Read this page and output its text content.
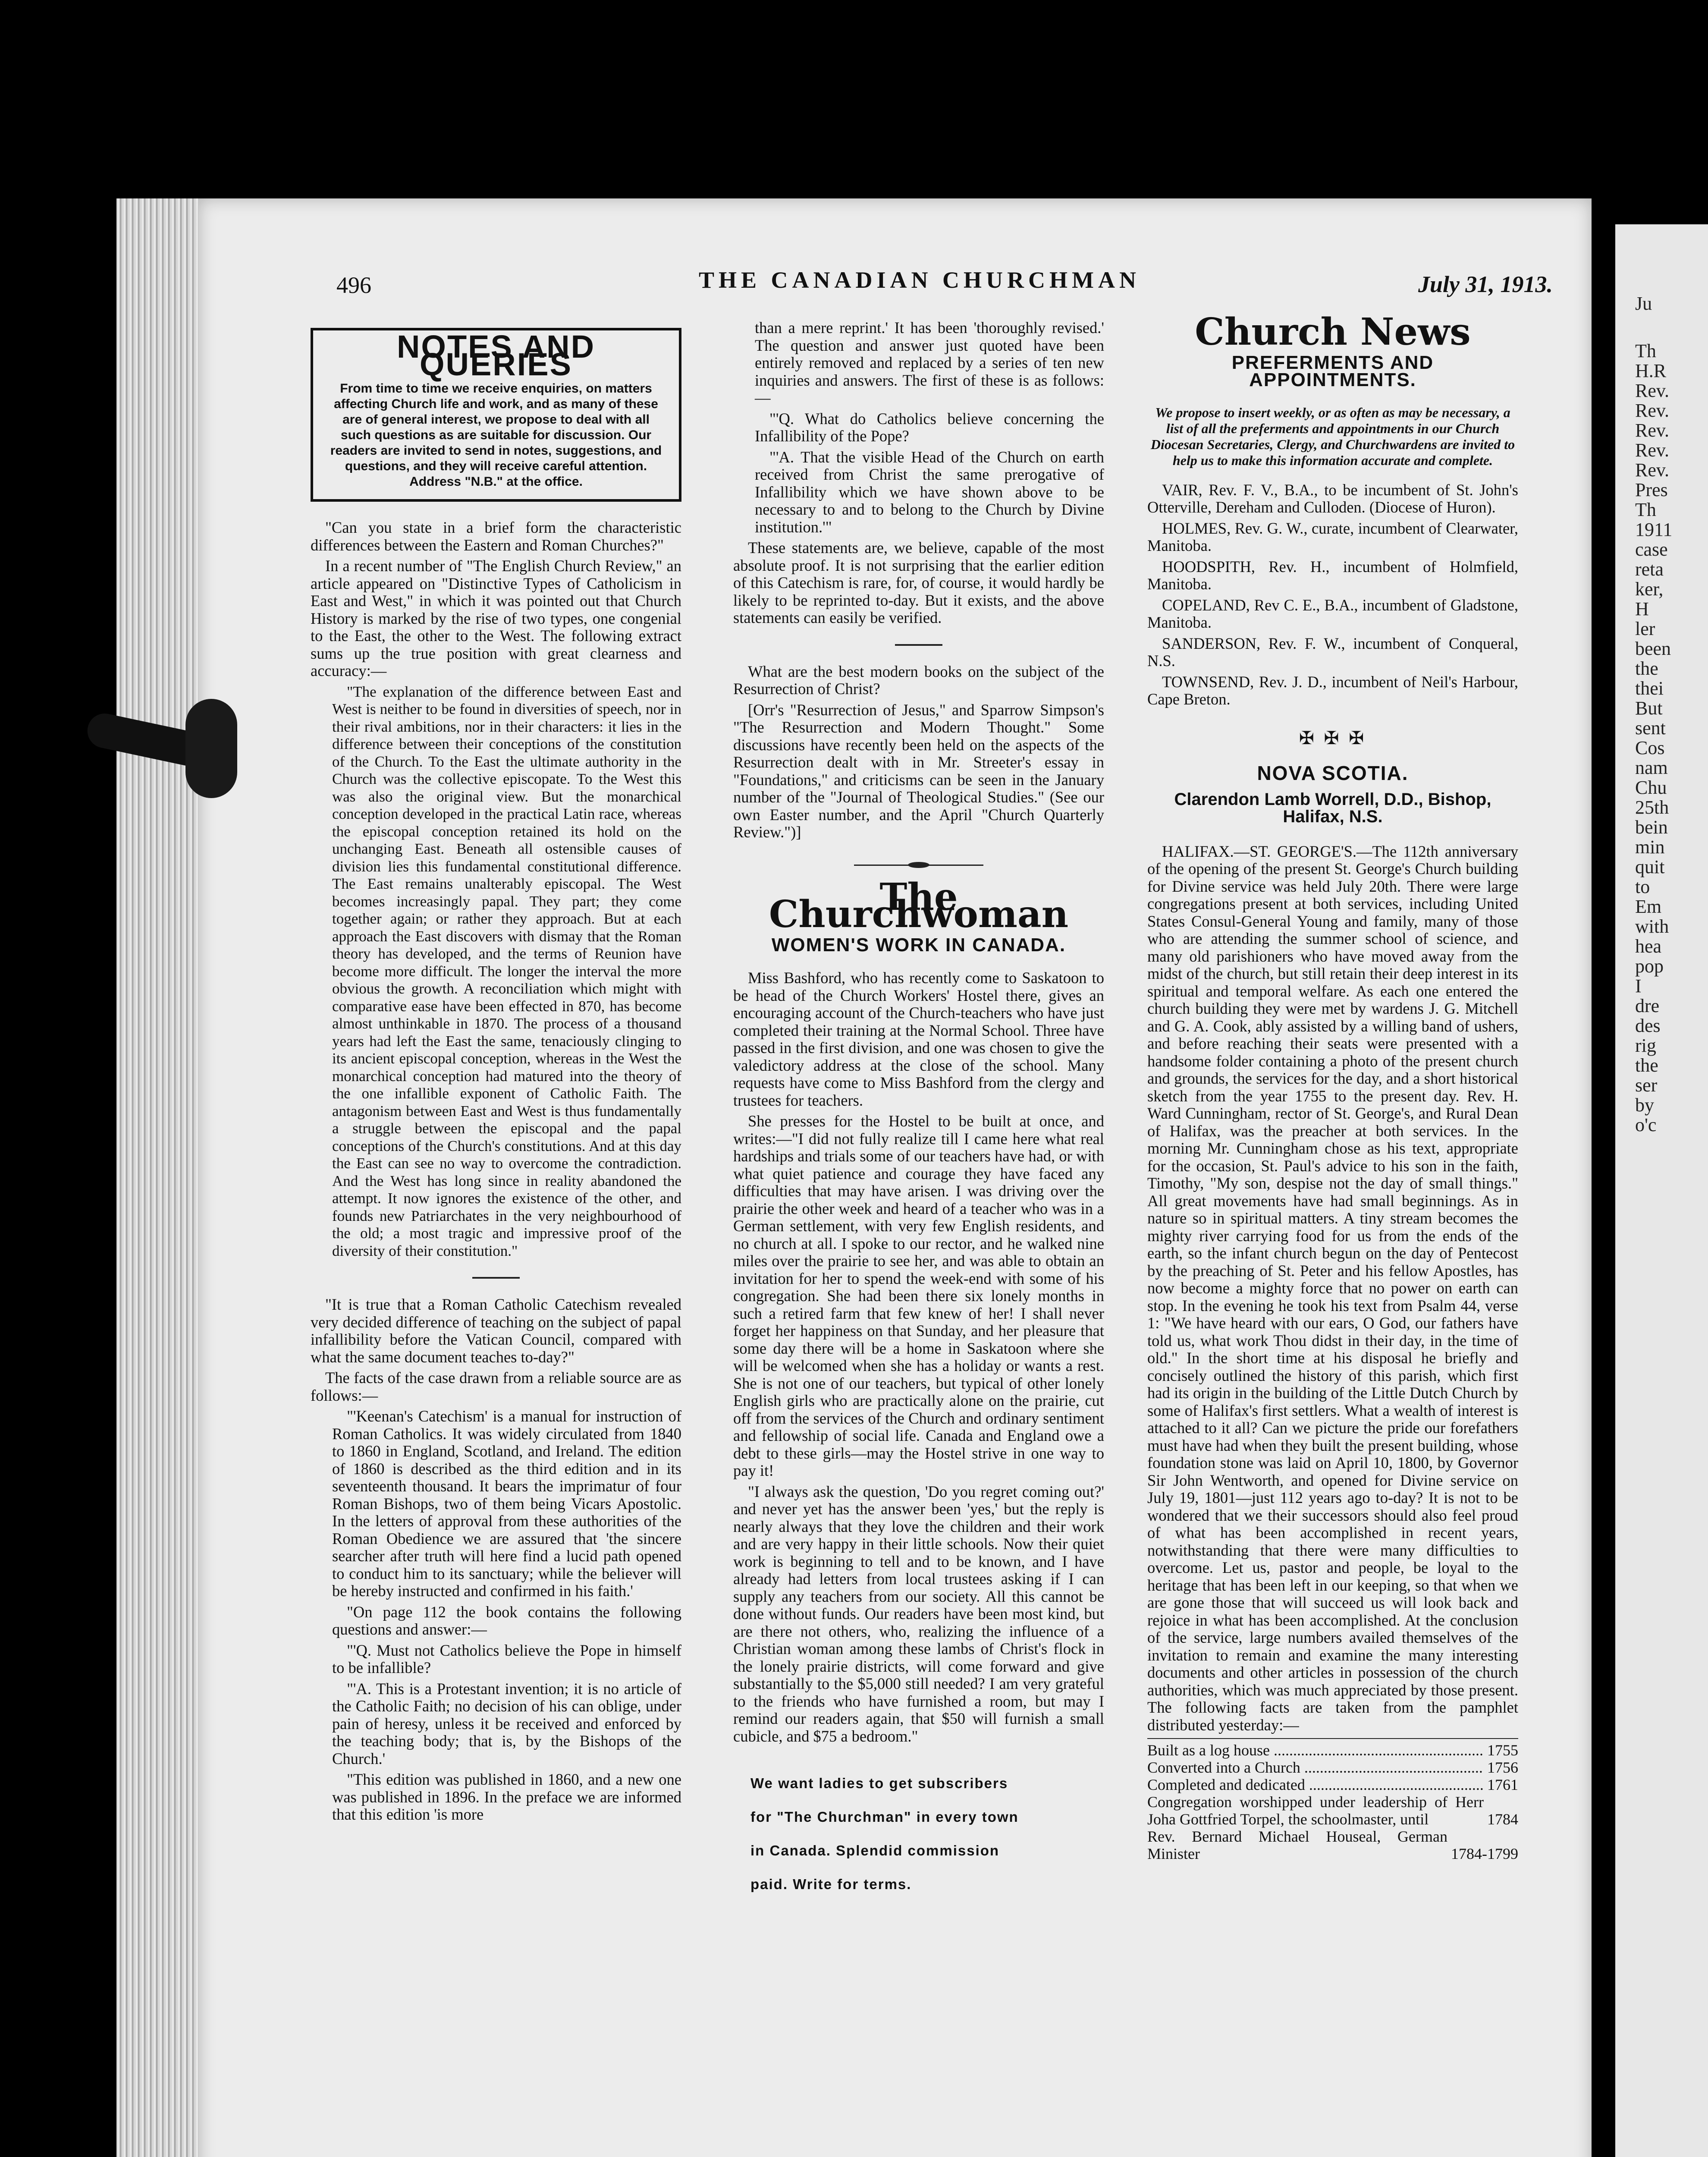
Ju
Th
H.R
Rev.
Rev.
Rev.
Rev.
Rev.
Pres
Th
1911
case
reta
ker,
H
ler
been
the
thei
But
sent
Cos
nam
Chu
25th
bein
min
quit
to
Em
with
hea
pop
I
dre
des
rig
the
ser
by
o'c
496	THE CANADIAN CHURCHMAN	July 31, 1913.
NOTES AND QUERIES
From time to time we receive enquiries, on matters affecting Church life and work, and as many of these are of general interest, we propose to deal with all such questions as are suitable for discussion. Our readers are invited to send in notes, suggestions, and questions, and they will receive careful attention. Address "N.B." at the office.

"Can you state in a brief form the characteristic differences between the Eastern and Roman Churches?"

In a recent number of "The English Church Review," an article appeared on "Distinctive Types of Catholicism in East and West," in which it was pointed out that Church History is marked by the rise of two types, one congenial to the East, the other to the West. The following extract sums up the true position with great clearness and accuracy:—

"The explanation of the difference between East and West is neither to be found in diversities of speech, nor in their rival ambitions, nor in their characters: it lies in the difference between their conceptions of the constitution of the Church. To the East the ultimate authority in the Church was the collective episcopate. To the West this was also the original view. But the monarchical conception developed in the practical Latin race, whereas the episcopal conception retained its hold on the unchanging East. Beneath all ostensible causes of division lies this fundamental constitutional difference. The East remains unalterably episcopal. The West becomes increasingly papal. They part; they come together again; or rather they approach. But at each approach the East discovers with dismay that the Roman theory has developed, and the terms of Reunion have become more difficult. The longer the interval the more obvious the growth. A reconciliation which might with comparative ease have been effected in 870, has become almost unthinkable in 1870. The process of a thousand years had left the East the same, tenaciously clinging to its ancient episcopal conception, whereas in the West the monarchical conception had matured into the theory of the one infallible exponent of Catholic Faith. The antagonism between East and West is thus fundamentally a struggle between the episcopal and the papal conceptions of the Church's constitutions. And at this day the East can see no way to overcome the contradiction. And the West has long since in reality abandoned the attempt. It now ignores the existence of the other, and founds new Patriarchates in the very neighbourhood of the old; a most tragic and impressive proof of the diversity of their constitution."

"It is true that a Roman Catholic Catechism revealed very decided difference of teaching on the subject of papal infallibility before the Vatican Council, compared with what the same document teaches to-day?"

The facts of the case drawn from a reliable source are as follows:—

"'Keenan's Catechism' is a manual for instruction of Roman Catholics. It was widely circulated from 1840 to 1860 in England, Scotland, and Ireland. The edition of 1860 is described as the third edition and in its seventeenth thousand. It bears the imprimatur of four Roman Bishops, two of them being Vicars Apostolic. In the letters of approval from these authorities of the Roman Obedience we are assured that 'the sincere searcher after truth will here find a lucid path opened to conduct him to its sanctuary; while the believer will be hereby instructed and confirmed in his faith.'

"On page 112 the book contains the following questions and answer:—

"'Q. Must not Catholics believe the Pope in himself to be infallible?

"'A. This is a Protestant invention; it is no article of the Catholic Faith; no decision of his can oblige, under pain of heresy, unless it be received and enforced by the teaching body; that is, by the Bishops of the Church.'

"This edition was published in 1860, and a new one was published in 1896. In the preface we are informed that this edition 'is more

than a mere reprint.' It has been 'thoroughly revised.' The question and answer just quoted have been entirely removed and replaced by a series of ten new inquiries and answers. The first of these is as follows:—

"'Q. What do Catholics believe concerning the Infallibility of the Pope?

"'A. That the visible Head of the Church on earth received from Christ the same prerogative of Infallibility which we have shown above to be necessary to and to belong to the Church by Divine institution.'"

These statements are, we believe, capable of the most absolute proof. It is not surprising that the earlier edition of this Catechism is rare, for, of course, it would hardly be likely to be reprinted to-day. But it exists, and the above statements can easily be verified.

What are the best modern books on the subject of the Resurrection of Christ?

[Orr's "Resurrection of Jesus," and Sparrow Simpson's "The Resurrection and Modern Thought." Some discussions have recently been held on the aspects of the Resurrection dealt with in Mr. Streeter's essay in "Foundations," and criticisms can be seen in the January number of the "Journal of Theological Studies." (See our own Easter number, and the April "Church Quarterly Review.")]

The Churchwoman
WOMEN'S WORK IN CANADA.

Miss Bashford, who has recently come to Saskatoon to be head of the Church Workers' Hostel there, gives an encouraging account of the Church-teachers who have just completed their training at the Normal School. Three have passed in the first division, and one was chosen to give the valedictory address at the close of the school. Many requests have come to Miss Bashford from the clergy and trustees for teachers.

She presses for the Hostel to be built at once, and writes:—"I did not fully realize till I came here what real hardships and trials some of our teachers have had, or with what quiet patience and courage they have faced any difficulties that may have arisen. I was driving over the prairie the other week and heard of a teacher who was in a German settlement, with very few English residents, and no church at all. I spoke to our rector, and he walked nine miles over the prairie to see her, and was able to obtain an invitation for her to spend the week-end with some of his congregation. She had been there six lonely months in such a retired farm that few knew of her! I shall never forget her happiness on that Sunday, and her pleasure that some day there will be a home in Saskatoon where she will be welcomed when she has a holiday or wants a rest. She is not one of our teachers, but typical of other lonely English girls who are practically alone on the prairie, cut off from the services of the Church and ordinary sentiment and fellowship of social life. Canada and England owe a debt to these girls—may the Hostel strive in one way to pay it!

"I always ask the question, 'Do you regret coming out?' and never yet has the answer been 'yes,' but the reply is nearly always that they love the children and their work and are very happy in their little schools. Now their quiet work is beginning to tell and to be known, and I have already had letters from local trustees asking if I can supply any teachers from our society. All this cannot be done without funds. Our readers have been most kind, but are there not others, who, realizing the influence of a Christian woman among these lambs of Christ's flock in the lonely prairie districts, will come forward and give substantially to the $5,000 still needed? I am very grateful to the friends who have furnished a room, but may I remind our readers again, that $50 will furnish a small cubicle, and $75 a bedroom."

We want ladies to get subscribers
for "The Churchman" in every town
in Canada. Splendid commission
paid. Write for terms.
Church News
PREFERMENTS AND APPOINTMENTS.
We propose to insert weekly, or as often as may be necessary, a list of all the preferments and appointments in our Church Diocesan Secretaries, Clergy, and Churchwardens are invited to help us to make this information accurate and complete.

VAIR, Rev. F. V., B.A., to be incumbent of St. John's Otterville, Dereham and Culloden. (Diocese of Huron).

HOLMES, Rev. G. W., curate, incumbent of Clearwater, Manitoba.

HOODSPITH, Rev. H., incumbent of Holmfield, Manitoba.

COPELAND, Rev C. E., B.A., incumbent of Gladstone, Manitoba.

SANDERSON, Rev. F. W., incumbent of Conqueral, N.S.

TOWNSEND, Rev. J. D., incumbent of Neil's Harbour, Cape Breton.

✠ ✠ ✠
NOVA SCOTIA.
Clarendon Lamb Worrell, D.D., Bishop,
Halifax, N.S.

HALIFAX.—ST. GEORGE'S.—The 112th anniversary of the opening of the present St. George's Church building for Divine service was held July 20th. There were large congregations present at both services, including United States Consul-General Young and family, many of those who are attending the summer school of science, and many old parishioners who have moved away from the midst of the church, but still retain their deep interest in its spiritual and temporal welfare. As each one entered the church building they were met by wardens J. G. Mitchell and G. A. Cook, ably assisted by a willing band of ushers, and before reaching their seats were presented with a handsome folder containing a photo of the present church and grounds, the services for the day, and a short historical sketch from the year 1755 to the present day. Rev. H. Ward Cunningham, rector of St. George's, and Rural Dean of Halifax, was the preacher at both services. In the morning Mr. Cunningham chose as his text, appropriate for the occasion, St. Paul's advice to his son in the faith, Timothy, "My son, despise not the day of small things." All great movements have had small beginnings. As in nature so in spiritual matters. A tiny stream becomes the mighty river carrying food for us from the ends of the earth, so the infant church begun on the day of Pentecost by the preaching of St. Peter and his fellow Apostles, has now become a mighty force that no power on earth can stop. In the evening he took his text from Psalm 44, verse 1: "We have heard with our ears, O God, our fathers have told us, what work Thou didst in their day, in the time of old." In the short time at his disposal he briefly and concisely outlined the history of this parish, which first had its origin in the building of the Little Dutch Church by some of Halifax's first settlers. What a wealth of interest is attached to it all? Can we picture the pride our forefathers must have had when they built the present building, whose foundation stone was laid on April 10, 1800, by Governor Sir John Wentworth, and opened for Divine service on July 19, 1801—just 112 years ago to-day? It is not to be wondered that we their successors should also feel proud of what has been accomplished in recent years, notwithstanding that there were many difficulties to overcome. Let us, pastor and people, be loyal to the heritage that has been left in our keeping, so that when we are gone those that will succeed us will look back and rejoice in what has been accomplished. At the conclusion of the service, large numbers availed themselves of the invitation to remain and examine the many interesting documents and other articles in possession of the church authorities, which was much appreciated by those present. The following facts are taken from the pamphlet distributed yesterday:—

Built as a log house .....	1755
Converted into a Church .....	1756
Completed and dedicated .....	1761
Congregation worshipped under leadership of Herr Joha Gottfried Torpel, the schoolmaster, until	1784
Rev. Bernard Michael Houseal, German Minister	1784-1799
